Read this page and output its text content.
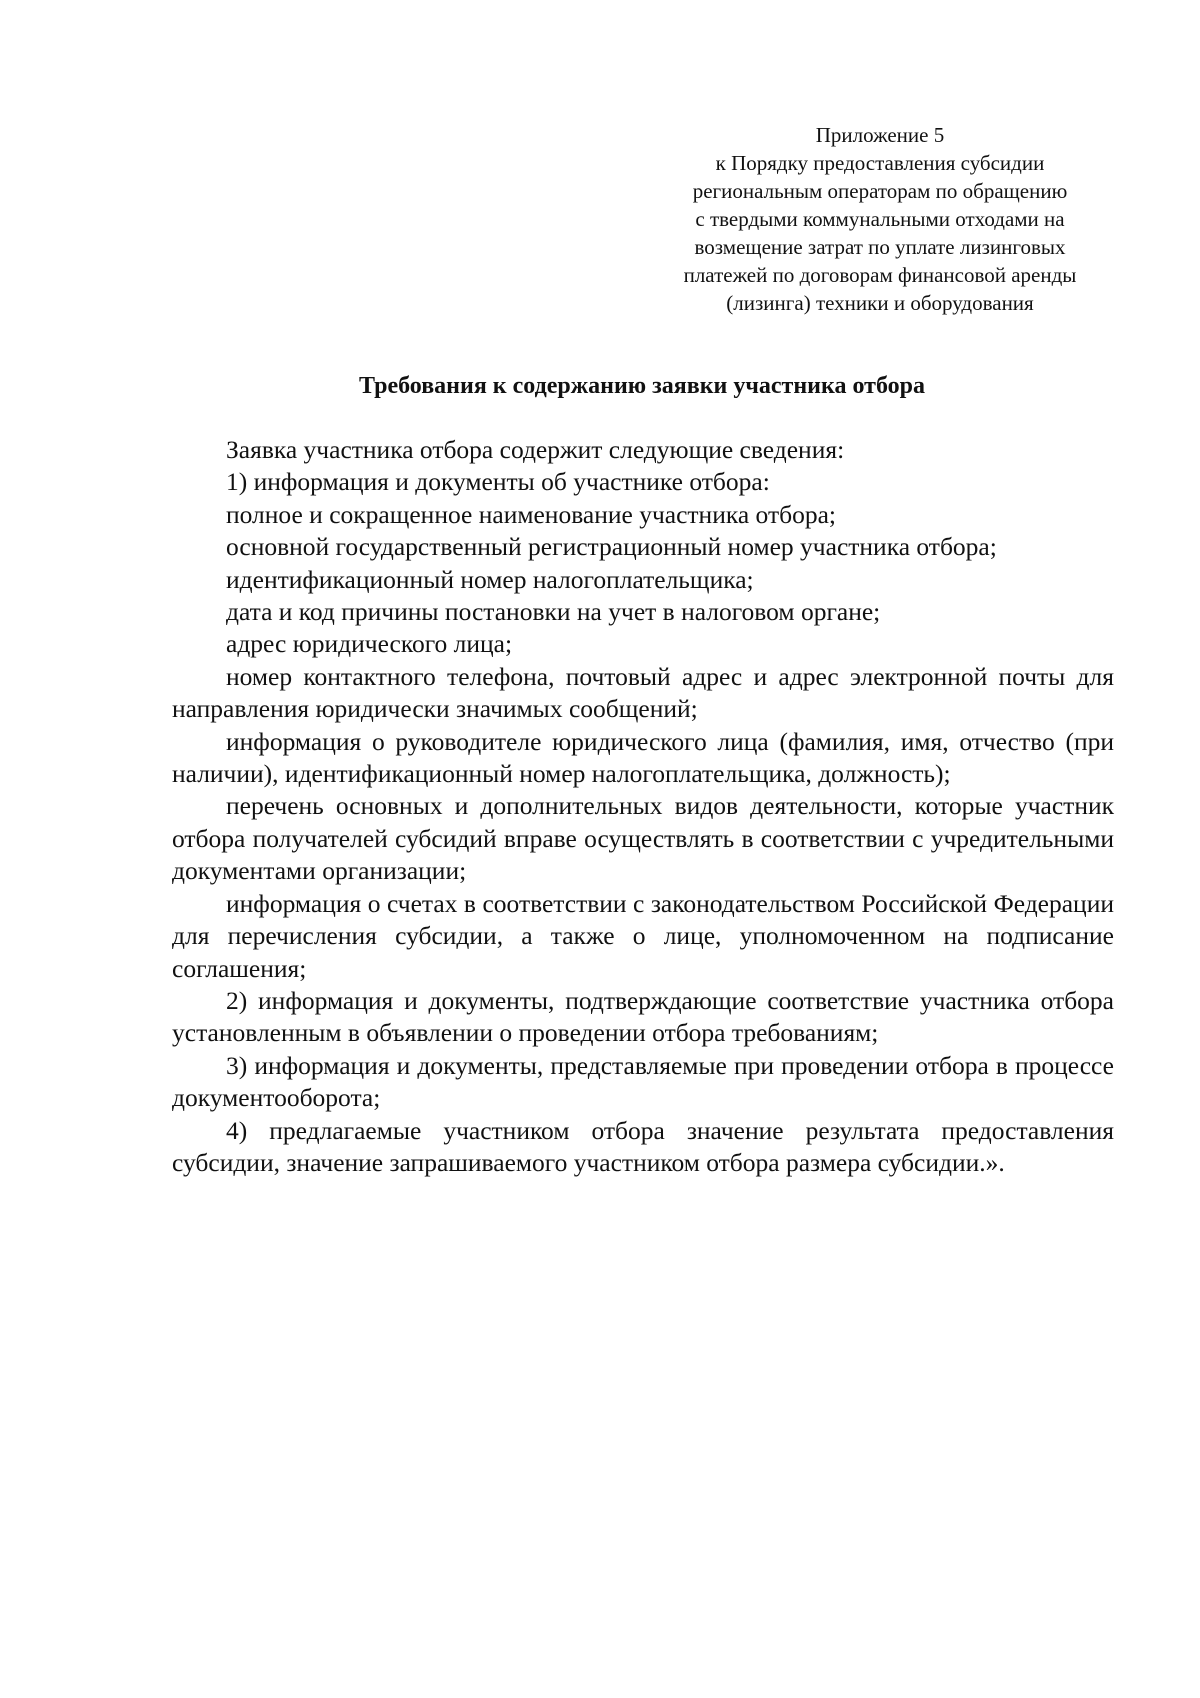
Приложение 5
к Порядку предоставления субсидии
региональным операторам по обращению
с твердыми коммунальными отходами на
возмещение затрат по уплате лизинговых
платежей по договорам финансовой аренды
(лизинга) техники и оборудования
Требования к содержанию заявки участника отбора

Заявка участника отбора содержит следующие сведения:

1) информация и документы об участнике отбора:

полное и сокращенное наименование участника отбора;

основной государственный регистрационный номер участника отбора;

идентификационный номер налогоплательщика;

дата и код причины постановки на учет в налоговом органе;

адрес юридического лица;

номер контактного телефона, почтовый адрес и адрес электронной почты для направления юридически значимых сообщений;

информация о руководителе юридического лица (фамилия, имя, отчество (при наличии), идентификационный номер налогоплательщика, должность);

перечень основных и дополнительных видов деятельности, которые участник отбора получателей субсидий вправе осуществлять в соответствии с учредительными документами организации;

информация о счетах в соответствии с законодательством Российской Федерации для перечисления субсидии, а также о лице, уполномоченном на подписание соглашения;

2) информация и документы, подтверждающие соответствие участника отбора установленным в объявлении о проведении отбора требованиям;

3) информация и документы, представляемые при проведении отбора в процессе документооборота;

4) предлагаемые участником отбора значение результата предоставления субсидии, значение запрашиваемого участником отбора размера субсидии.».
